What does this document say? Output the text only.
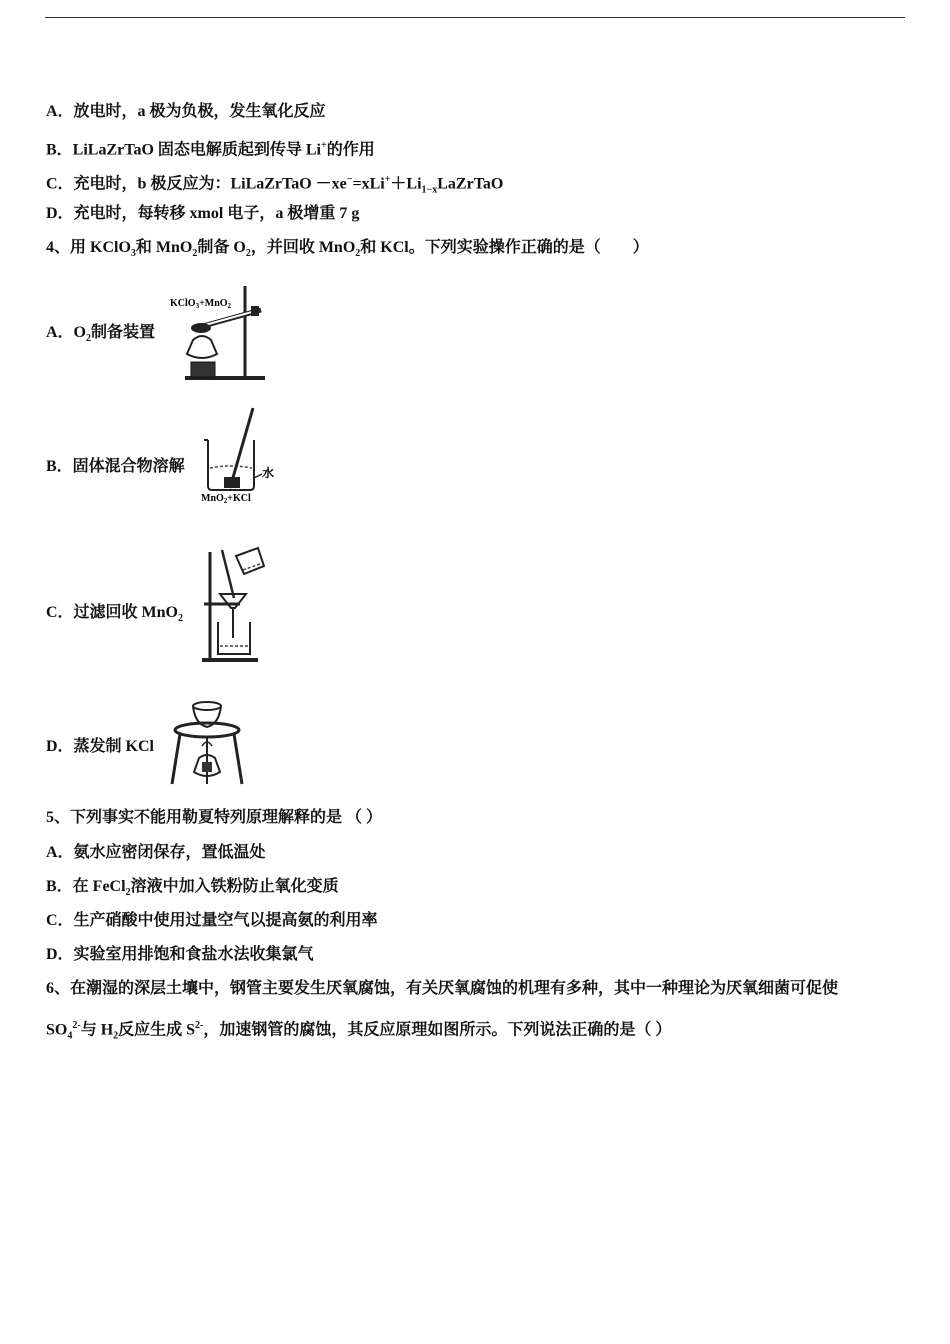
A．放电时，a 极为负极，发生氧化反应
B．LiLaZrTaO 固态电解质起到传导 Li+的作用
C．充电时，b 极反应为：LiLaZrTaO $-xe^-=xLi^++Li_{1-x}LaZrTaO$
D．充电时，每转移 xmol 电子，a 极增重 7 g
4、用 KClO$_3$和 MnO$_2$制备 $O_2$，并回收 MnO$_2$和 KCl。下列实验操作正确的是（　　）
A．$O_2$制备装置
KClO$_3$+MnO$_2$
B．固体混合物溶解	水
MnO$_2$+KCl
C．过滤回收 MnO$_2$
D．蒸发制 KCl
5、下列事实不能用勒夏特列原理解释的是 （ ）
A．氨水应密闭保存，置低温处
B．在 FeCl$_2$溶液中加入铁粉防止氧化变质
C．生产硝酸中使用过量空气以提高氨的利用率
D．实验室用排饱和食盐水法收集氯气
6、在潮湿的深层土壤中，钢管主要发生厌氧腐蚀，有关厌氧腐蚀的机理有多种，其中一种理论为厌氧细菌可促使
$SO_4^{2-}$与 $H_2$反应生成 $S^{2-}$，加速钢管的腐蚀，其反应原理如图所示。下列说法正确的是（ ）
